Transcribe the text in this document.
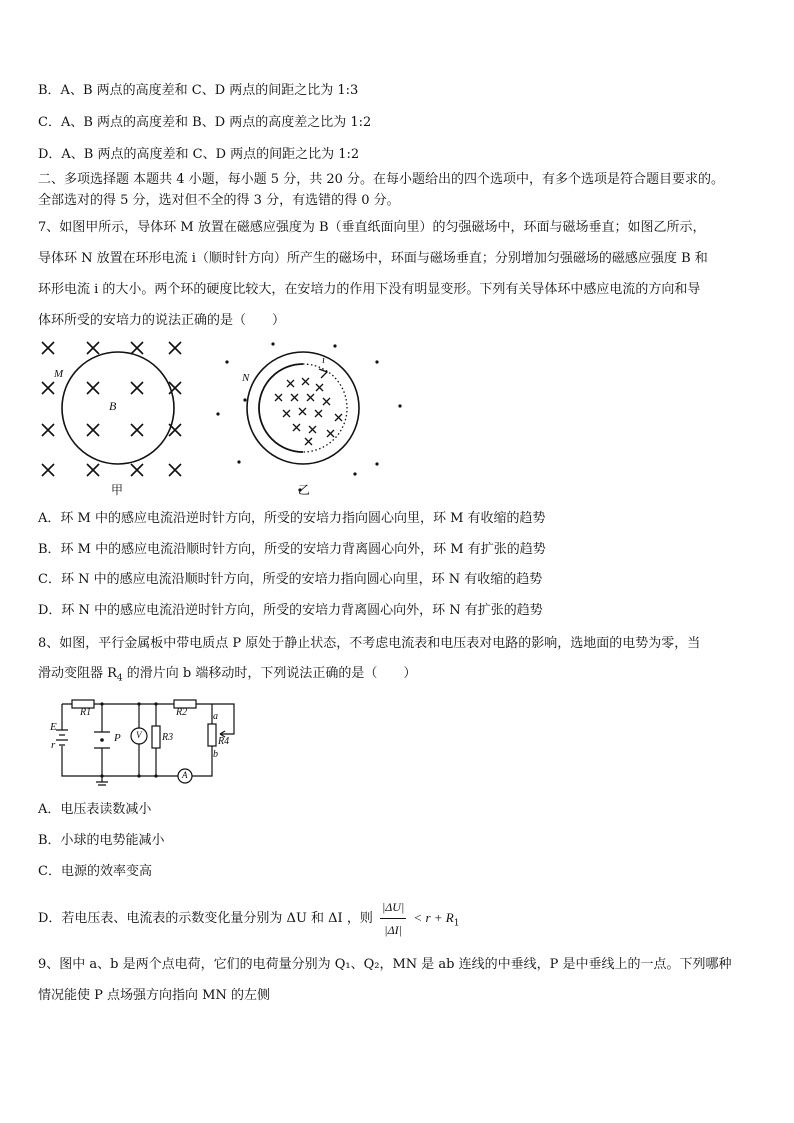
B．A、B 两点的高度差和 C、D 两点的间距之比为 1:3
C．A、B 两点的高度差和 B、D 两点的高度差之比为 1:2
D．A、B 两点的高度差和 C、D 两点的间距之比为 1:2
二、多项选择题 本题共 4 小题，每小题 5 分，共 20 分。在每小题给出的四个选项中，有多个选项是符合题目要求的。
全部选对的得 5 分，选对但不全的得 3 分，有选错的得 0 分。
7、如图甲所示，导体环 M 放置在磁感应强度为 B（垂直纸面向里）的匀强磁场中，环面与磁场垂直；如图乙所示，
导体环 N 放置在环形电流 i（顺时针方向）所产生的磁场中，环面与磁场垂直；分别增加匀强磁场的磁感应强度 B 和
环形电流 i 的大小。两个环的硬度比较大，在安培力的作用下没有明显变形。下列有关导体环中感应电流的方向和导
体环所受的安培力的说法正确的是（　　）
M
B
甲
N
i
乙
A．环 M 中的感应电流沿逆时针方向，所受的安培力指向圆心向里，环 M 有收缩的趋势
B．环 M 中的感应电流沿顺时针方向，所受的安培力背离圆心向外，环 M 有扩张的趋势
C．环 N 中的感应电流沿顺时针方向，所受的安培力指向圆心向里，环 N 有收缩的趋势
D．环 N 中的感应电流沿逆时针方向，所受的安培力背离圆心向外，环 N 有扩张的趋势
8、如图，平行金属板中带电质点 P 原处于静止状态，不考虑电流表和电压表对电路的影响，选地面的电势为零，当
滑动变阻器 $R_4$ 的滑片向 b 端移动时，下列说法正确的是（　　）
E
r
R1	R2
R3	R4
P V
A
a
b
A．电压表读数减小
B．小球的电势能减小
C．电源的效率变高
D．若电压表、电流表的示数变化量分别为 ΔU 和 ΔI ，则 $\frac{|\Delta U|}{|\Delta I|} < r + R_1$
9、图中 a、b 是两个点电荷，它们的电荷量分别为 Q₁、Q₂，MN 是 ab 连线的中垂线，P 是中垂线上的一点。下列哪种
情况能使 P 点场强方向指向 MN 的左侧
